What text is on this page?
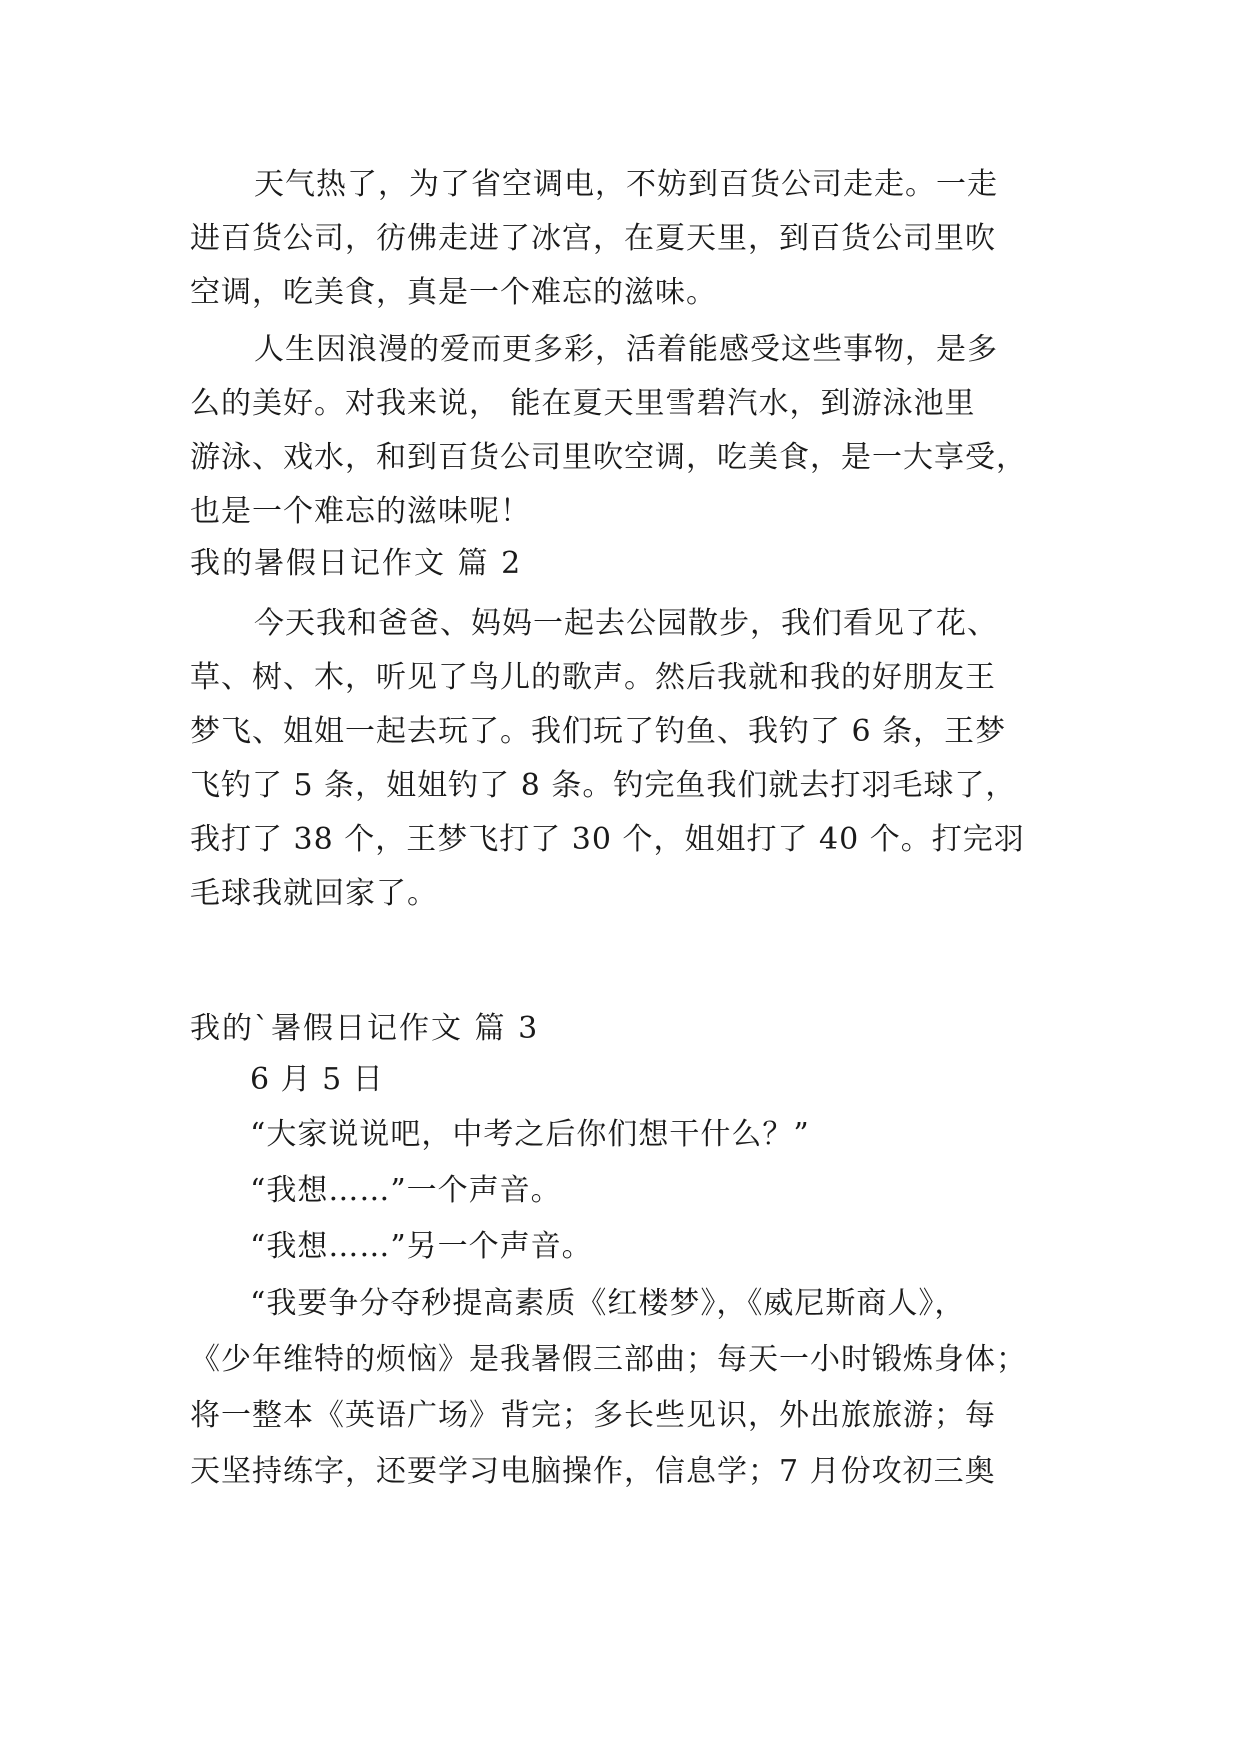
天气热了，为了省空调电，不妨到百货公司走走。一走

进百货公司，彷佛走进了冰宫，在夏天里，到百货公司里吹

空调，吃美食，真是一个难忘的滋味。

人生因浪漫的爱而更多彩，活着能感受这些事物，是多

么的美好。对我来说， 能在夏天里雪碧汽水，到游泳池里

游泳、戏水，和到百货公司里吹空调，吃美食，是一大享受，

也是一个难忘的滋味呢！

我的暑假日记作文 篇 2

今天我和爸爸、妈妈一起去公园散步，我们看见了花、

草、树、木，听见了鸟儿的歌声。然后我就和我的好朋友王

梦飞、姐姐一起去玩了。我们玩了钓鱼、我钓了 6 条，王梦

飞钓了 5 条，姐姐钓了 8 条。钓完鱼我们就去打羽毛球了，

我打了 38 个，王梦飞打了 30 个，姐姐打了 40 个。打完羽

毛球我就回家了。

我的`暑假日记作文 篇 3

6 月 5 日

“大家说说吧，中考之后你们想干什么？”

“我想……”一个声音。

“我想……”另一个声音。

“我要争分夺秒提高素质《红楼梦》，《威尼斯商人》，

《少年维特的烦恼》是我暑假三部曲；每天一小时锻炼身体；

将一整本《英语广场》背完；多长些见识，外出旅旅游；每

天坚持练字，还要学习电脑操作，信息学；7 月份攻初三奥
